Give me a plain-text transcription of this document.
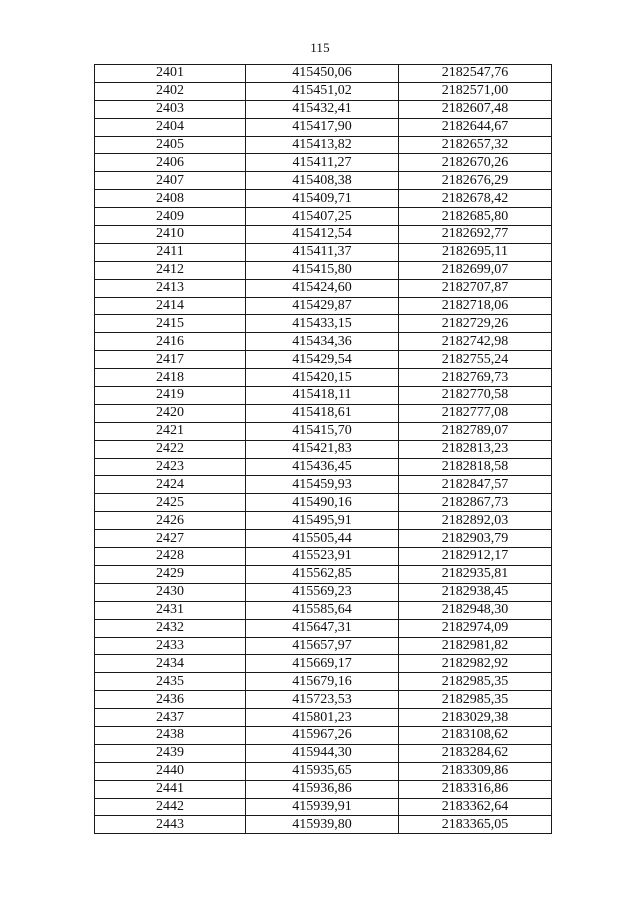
115
2401	415450,06	2182547,76
2402	415451,02	2182571,00
2403	415432,41	2182607,48
2404	415417,90	2182644,67
2405	415413,82	2182657,32
2406	415411,27	2182670,26
2407	415408,38	2182676,29
2408	415409,71	2182678,42
2409	415407,25	2182685,80
2410	415412,54	2182692,77
2411	415411,37	2182695,11
2412	415415,80	2182699,07
2413	415424,60	2182707,87
2414	415429,87	2182718,06
2415	415433,15	2182729,26
2416	415434,36	2182742,98
2417	415429,54	2182755,24
2418	415420,15	2182769,73
2419	415418,11	2182770,58
2420	415418,61	2182777,08
2421	415415,70	2182789,07
2422	415421,83	2182813,23
2423	415436,45	2182818,58
2424	415459,93	2182847,57
2425	415490,16	2182867,73
2426	415495,91	2182892,03
2427	415505,44	2182903,79
2428	415523,91	2182912,17
2429	415562,85	2182935,81
2430	415569,23	2182938,45
2431	415585,64	2182948,30
2432	415647,31	2182974,09
2433	415657,97	2182981,82
2434	415669,17	2182982,92
2435	415679,16	2182985,35
2436	415723,53	2182985,35
2437	415801,23	2183029,38
2438	415967,26	2183108,62
2439	415944,30	2183284,62
2440	415935,65	2183309,86
2441	415936,86	2183316,86
2442	415939,91	2183362,64
2443	415939,80	2183365,05
